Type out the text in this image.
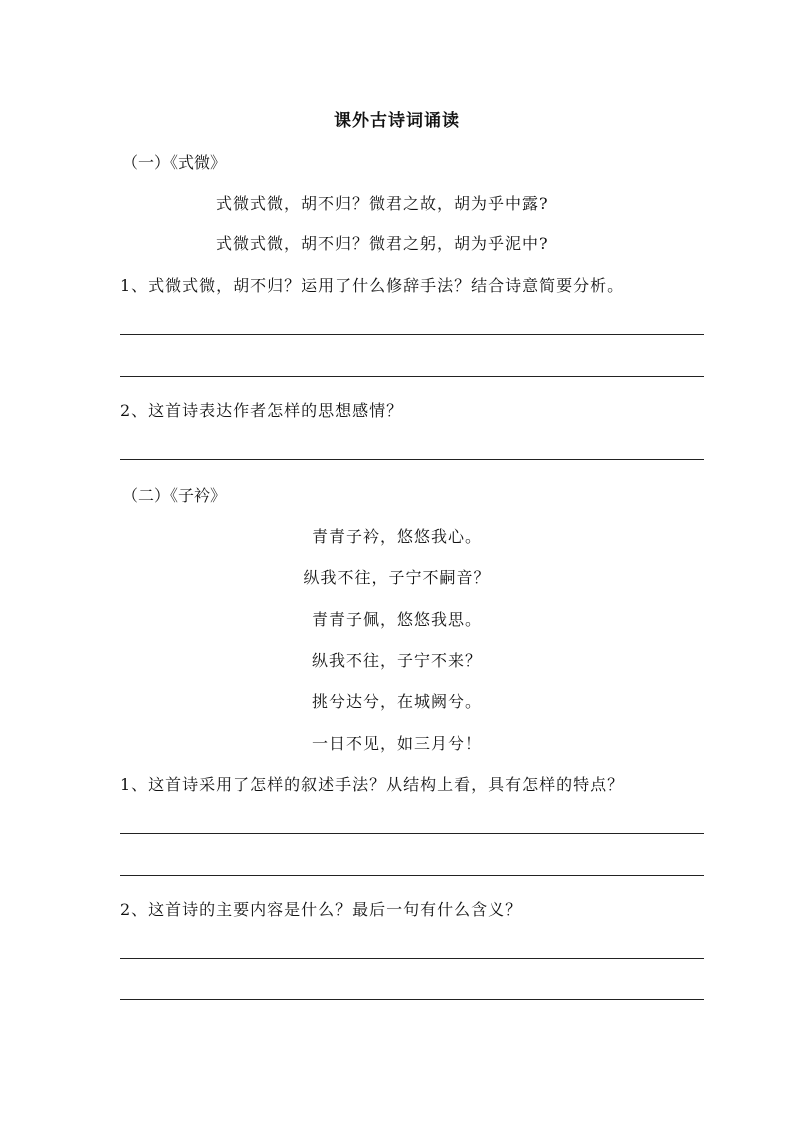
课外古诗词诵读
（一）《式微》
式微式微，胡不归？微君之故，胡为乎中露?
式微式微，胡不归？微君之躬，胡为乎泥中?
1、式微式微，胡不归？运用了什么修辞手法？结合诗意简要分析。
2、这首诗表达作者怎样的思想感情？
（二）《子衿》
青青子衿，悠悠我心。
纵我不往，子宁不嗣音？
青青子佩，悠悠我思。
纵我不往，子宁不来？
挑兮达兮，在城阙兮。
一日不见，如三月兮！
1、这首诗采用了怎样的叙述手法？从结构上看，具有怎样的特点？
2、这首诗的主要内容是什么？最后一句有什么含义？
